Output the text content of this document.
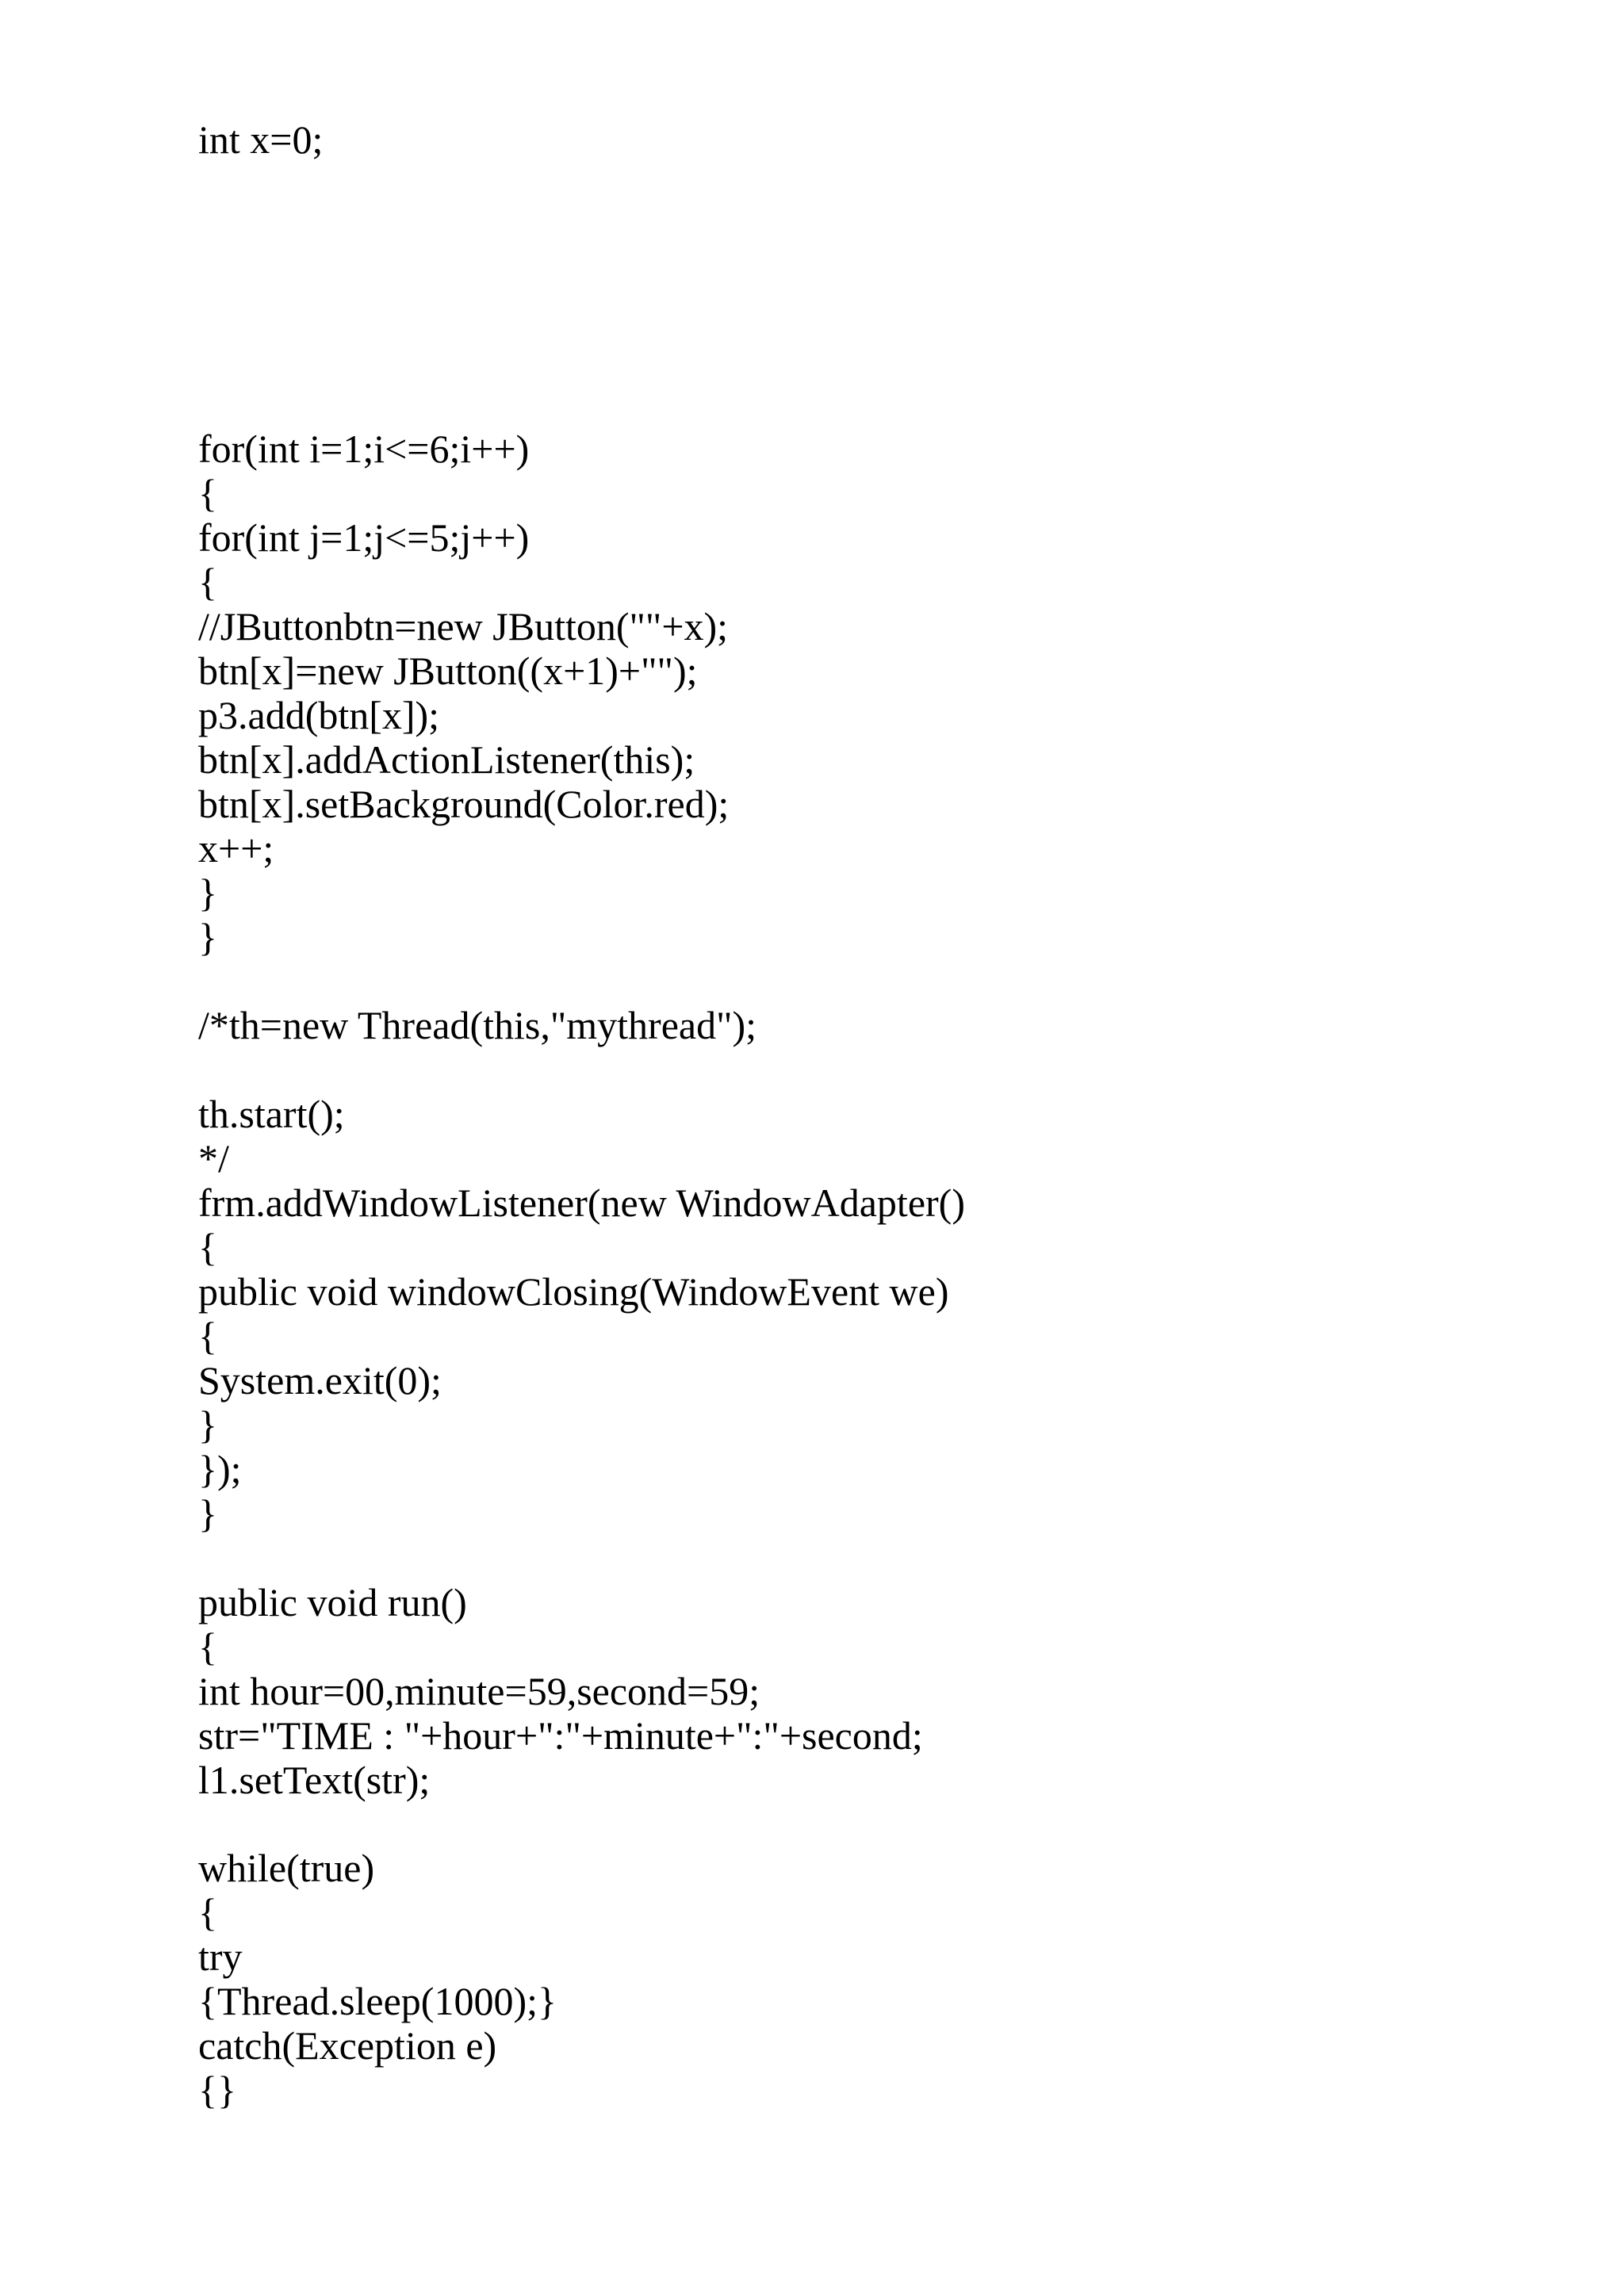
int x=0;

for(int i=1;i<=6;i++)

{

for(int j=1;j<=5;j++)

{

//JButtonbtn=new JButton(""+x);

btn[x]=new JButton((x+1)+"");

p3.add(btn[x]);

btn[x].addActionListener(this);

btn[x].setBackground(Color.red);

x++;

}

}

/*th=new Thread(this,"mythread");

th.start();

*/

frm.addWindowListener(new WindowAdapter()

{

public void windowClosing(WindowEvent we)

{

System.exit(0);

}

});

}

public void run()

{

int hour=00,minute=59,second=59;

str="TIME : "+hour+":"+minute+":"+second;

l1.setText(str);

while(true)

{

try

{Thread.sleep(1000);}

catch(Exception e)

{}
